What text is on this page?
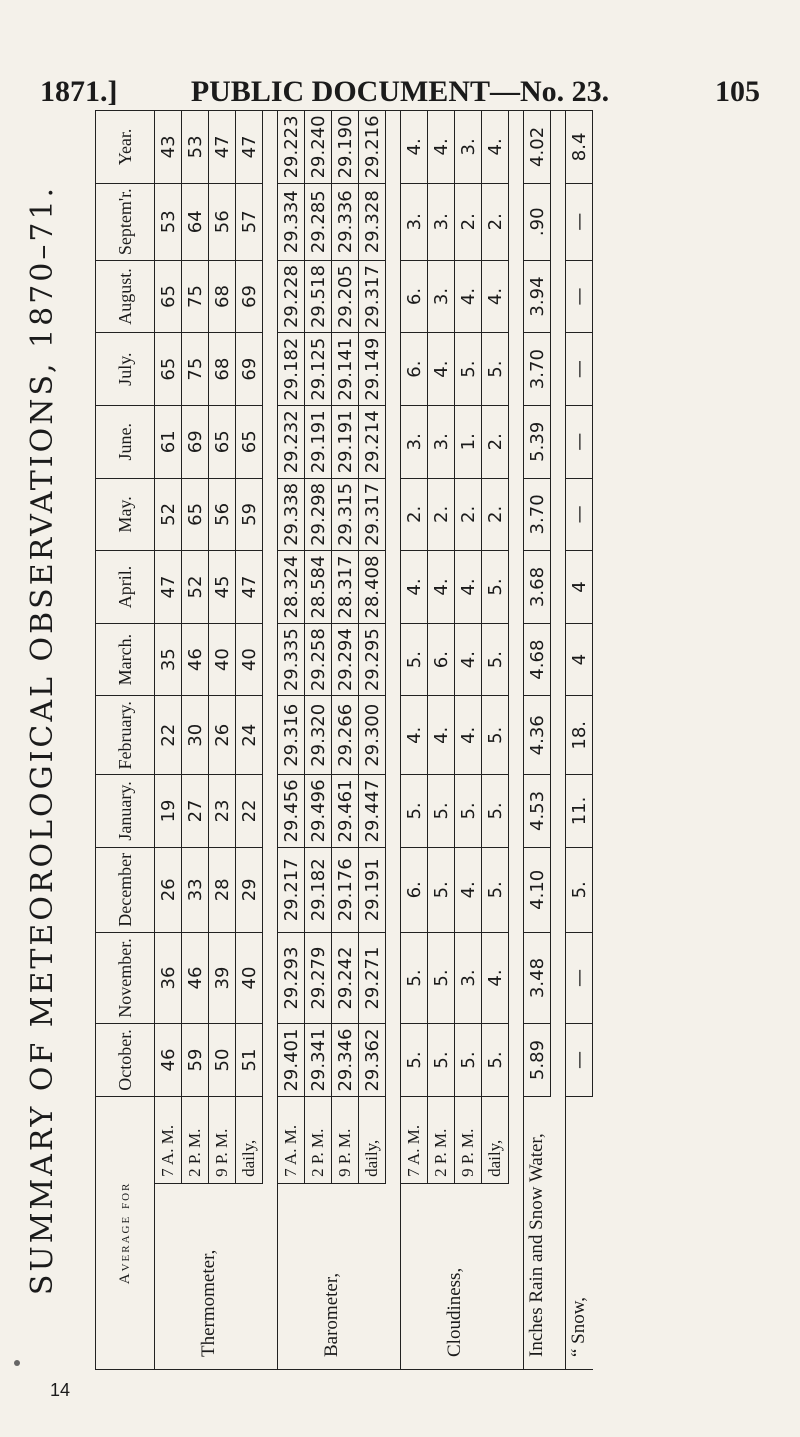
1871.]	PUBLIC DOCUMENT—No. 23.	105
SUMMARY OF METEOROLOGICAL OBSERVATIONS, 1870–71.	Average for		October.	November.	December	January.	February.	March.	April.	May.	June.	July.	August.	Septem'r.	Year.
Thermometer,	7 A. M.	46	36	26	19	22	35	47	52	61	65	65	53	43
	2 P. M.	59	46	33	27	30	46	52	65	69	75	75	64	53
	9 P. M.	50	39	28	23	26	40	45	56	65	68	68	56	47
	daily,	51	40	29	22	24	40	47	59	65	69	69	57	47

Barometer,	7 A. M.	29.401	29.293	29.217	29.456	29.316	29.335	28.324	29.338	29.232	29.182	29.228	29.334	29.223
	2 P. M.	29.341	29.279	29.182	29.496	29.320	29.258	28.584	29.298	29.191	29.125	29.518	29.285	29.240
	9 P. M.	29.346	29.242	29.176	29.461	29.266	29.294	28.317	29.315	29.191	29.141	29.205	29.336	29.190
	daily,	29.362	29.271	29.191	29.447	29.300	29.295	28.408	29.317	29.214	29.149	29.317	29.328	29.216

Cloudiness,	7 A. M.	5.	5.	6.	5.	4.	5.	4.	2.	3.	6.	6.	3.	4.
	2 P. M.	5.	5.	5.	5.	4.	6.	4.	2.	3.	4.	3.	3.	4.
	9 P. M.	5.	3.	4.	5.	4.	4.	4.	2.	1.	5.	4.	2.	3.
	daily,	5.	4.	5.	5.	5.	5.	5.	2.	2.	5.	4.	2.	4.

Inches Rain and Snow Water,		5.89	3.48	4.10	4.53	4.36	4.68	3.68	3.70	5.39	3.70	3.94	.90	4.02

“ Snow,		—	—	5.	11.	18.	4	4	—	—	—	—	—	8.4
14
